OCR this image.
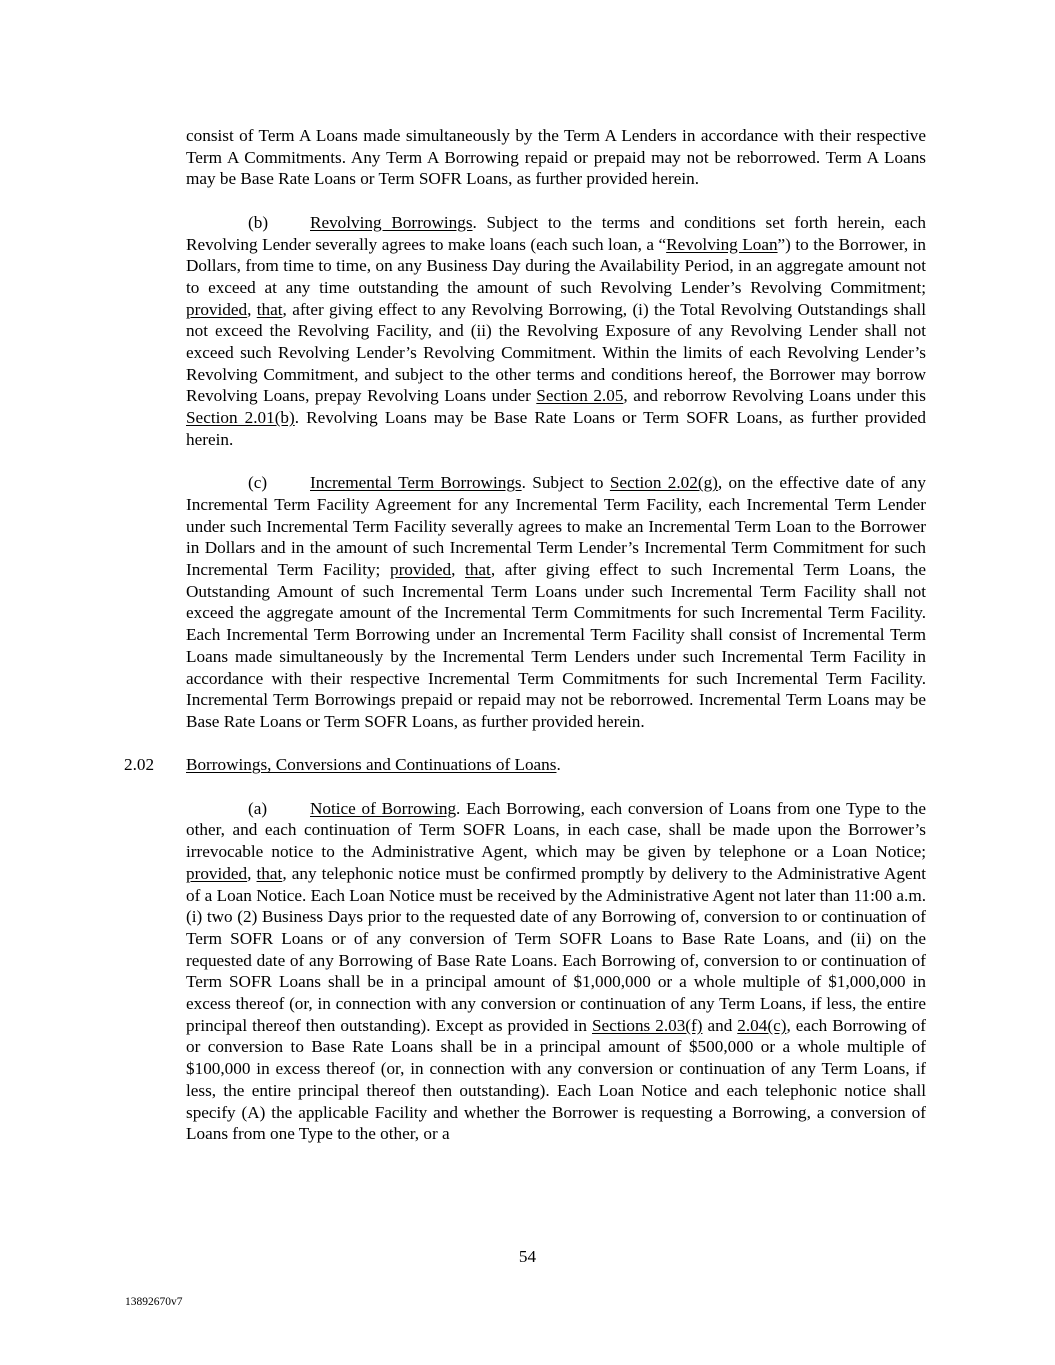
consist of Term A Loans made simultaneously by the Term A Lenders in accordance with their respective Term A Commitments. Any Term A Borrowing repaid or prepaid may not be reborrowed. Term A Loans may be Base Rate Loans or Term SOFR Loans, as further provided herein.

(b) Revolving Borrowings. Subject to the terms and conditions set forth herein, each Revolving Lender severally agrees to make loans (each such loan, a “Revolving Loan”) to the Borrower, in Dollars, from time to time, on any Business Day during the Availability Period, in an aggregate amount not to exceed at any time outstanding the amount of such Revolving Lender’s Revolving Commitment; provided, that, after giving effect to any Revolving Borrowing, (i) the Total Revolving Outstandings shall not exceed the Revolving Facility, and (ii) the Revolving Exposure of any Revolving Lender shall not exceed such Revolving Lender’s Revolving Commitment. Within the limits of each Revolving Lender’s Revolving Commitment, and subject to the other terms and conditions hereof, the Borrower may borrow Revolving Loans, prepay Revolving Loans under Section 2.05, and reborrow Revolving Loans under this Section 2.01(b). Revolving Loans may be Base Rate Loans or Term SOFR Loans, as further provided herein.

(c) Incremental Term Borrowings. Subject to Section 2.02(g), on the effective date of any Incremental Term Facility Agreement for any Incremental Term Facility, each Incremental Term Lender under such Incremental Term Facility severally agrees to make an Incremental Term Loan to the Borrower in Dollars and in the amount of such Incremental Term Lender’s Incremental Term Commitment for such Incremental Term Facility; provided, that, after giving effect to such Incremental Term Loans, the Outstanding Amount of such Incremental Term Loans under such Incremental Term Facility shall not exceed the aggregate amount of the Incremental Term Commitments for such Incremental Term Facility. Each Incremental Term Borrowing under an Incremental Term Facility shall consist of Incremental Term Loans made simultaneously by the Incremental Term Lenders under such Incremental Term Facility in accordance with their respective Incremental Term Commitments for such Incremental Term Facility. Incremental Term Borrowings prepaid or repaid may not be reborrowed. Incremental Term Loans may be Base Rate Loans or Term SOFR Loans, as further provided herein.

2.02 Borrowings, Conversions and Continuations of Loans.

(a) Notice of Borrowing. Each Borrowing, each conversion of Loans from one Type to the other, and each continuation of Term SOFR Loans, in each case, shall be made upon the Borrower’s irrevocable notice to the Administrative Agent, which may be given by telephone or a Loan Notice; provided, that, any telephonic notice must be confirmed promptly by delivery to the Administrative Agent of a Loan Notice. Each Loan Notice must be received by the Administrative Agent not later than 11:00 a.m. (i) two (2) Business Days prior to the requested date of any Borrowing of, conversion to or continuation of Term SOFR Loans or of any conversion of Term SOFR Loans to Base Rate Loans, and (ii) on the requested date of any Borrowing of Base Rate Loans. Each Borrowing of, conversion to or continuation of Term SOFR Loans shall be in a principal amount of $1,000,000 or a whole multiple of $1,000,000 in excess thereof (or, in connection with any conversion or continuation of any Term Loans, if less, the entire principal thereof then outstanding). Except as provided in Sections 2.03(f) and 2.04(c), each Borrowing of or conversion to Base Rate Loans shall be in a principal amount of $500,000 or a whole multiple of $100,000 in excess thereof (or, in connection with any conversion or continuation of any Term Loans, if less, the entire principal thereof then outstanding). Each Loan Notice and each telephonic notice shall specify (A) the applicable Facility and whether the Borrower is requesting a Borrowing, a conversion of Loans from one Type to the other, or a

54
13892670v7
